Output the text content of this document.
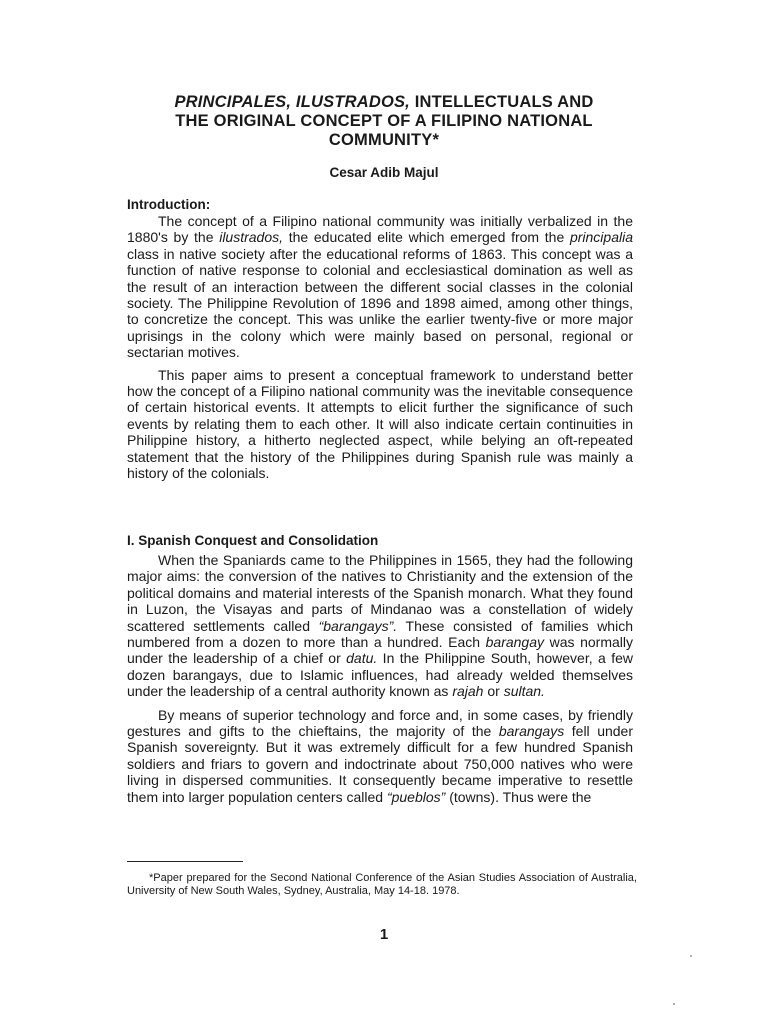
PRINCIPALES, ILUSTRADOS, INTELLECTUALS AND
THE ORIGINAL CONCEPT OF A FILIPINO NATIONAL
COMMUNITY*
Cesar Adib Majul
Introduction:

The concept of a Filipino national community was initially verbalized in the 1880's by the ilustrados, the educated elite which emerged from the principalia class in native society after the educational reforms of 1863. This concept was a function of native response to colonial and ecclesiastical domination as well as the result of an interaction between the different social classes in the colonial society. The Philippine Revolution of 1896 and 1898 aimed, among other things, to concretize the concept. This was unlike the earlier twenty-five or more major uprisings in the colony which were mainly based on personal, regional or sectarian motives.

This paper aims to present a conceptual framework to understand better how the concept of a Filipino national community was the inevitable consequence of certain historical events. It attempts to elicit further the significance of such events by relating them to each other. It will also indicate certain continuities in Philippine history, a hitherto neglected aspect, while belying an oft-repeated statement that the history of the Philippines during Spanish rule was mainly a history of the colonials.

I. Spanish Conquest and Consolidation

When the Spaniards came to the Philippines in 1565, they had the following major aims: the conversion of the natives to Christianity and the extension of the political domains and material interests of the Spanish monarch. What they found in Luzon, the Visayas and parts of Mindanao was a constellation of widely scattered settlements called “barangays”. These consisted of families which numbered from a dozen to more than a hundred. Each barangay was normally under the leadership of a chief or datu. In the Philippine South, however, a few dozen barangays, due to Islamic influences, had already welded themselves under the leadership of a central authority known as rajah or sultan.

By means of superior technology and force and, in some cases, by friendly gestures and gifts to the chieftains, the majority of the barangays fell under Spanish sovereignty. But it was extremely difficult for a few hundred Spanish soldiers and friars to govern and indoctrinate about 750,000 natives who were living in dispersed communities. It consequently became imperative to resettle them into larger population centers called “pueblos” (towns). Thus were the

*Paper prepared for the Second National Conference of the Asian Studies Association of Australia, University of New South Wales, Sydney, Australia, May 14-18. 1978.
1
